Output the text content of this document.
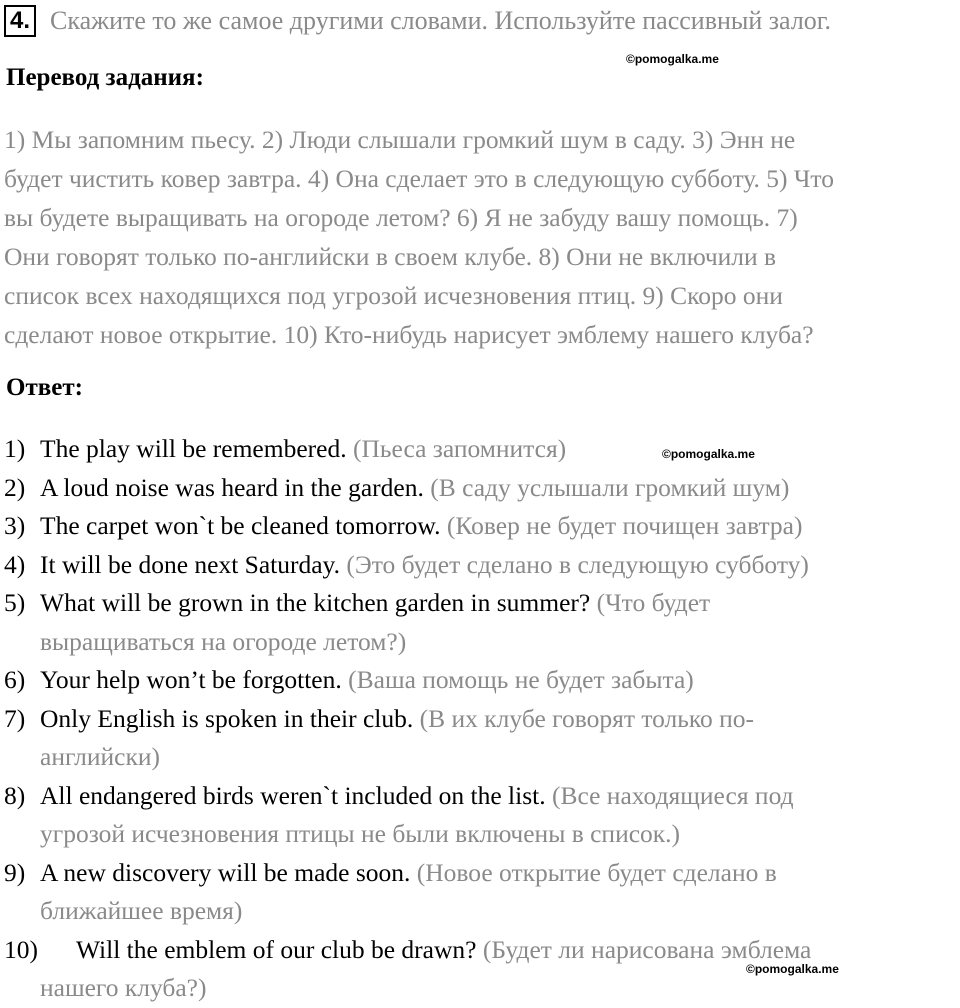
4. Скажите то же самое другими словами. Используйте пассивный залог.
©pomogalka.me
Перевод задания:
1) Мы запомним пьесу. 2) Люди слышали громкий шум в саду. 3) Энн не
будет чистить ковер завтра. 4) Она сделает это в следующую субботу. 5) Что
вы будете выращивать на огороде летом? 6) Я не забуду вашу помощь. 7)
Они говорят только по-английски в своем клубе. 8) Они не включили в
список всех находящихся под угрозой исчезновения птиц. 9) Скоро они
сделают новое открытие. 10) Кто-нибудь нарисует эмблему нашего клуба?
Ответ:
©pomogalka.me
©pomogalka.me
1) The play will be remembered. (Пьеса запомнится)
2) A loud noise was heard in the garden. (В саду услышали громкий шум)
3) The carpet won`t be cleaned tomorrow. (Ковер не будет почищен завтра)
4) It will be done next Saturday. (Это будет сделано в следующую субботу)
5) What will be grown in the kitchen garden in summer? (Что будет
выращиваться на огороде летом?)
6) Your help won’t be forgotten. (Ваша помощь не будет забыта)
7) Only English is spoken in their club. (В их клубе говорят только по-
английски)
8) All endangered birds weren`t included on the list. (Все находящиеся под
угрозой исчезновения птицы не были включены в список.)
9) A new discovery will be made soon. (Новое открытие будет сделано в
ближайшее время)
10) Will the emblem of our club be drawn? (Будет ли нарисована эмблема
нашего клуба?)
